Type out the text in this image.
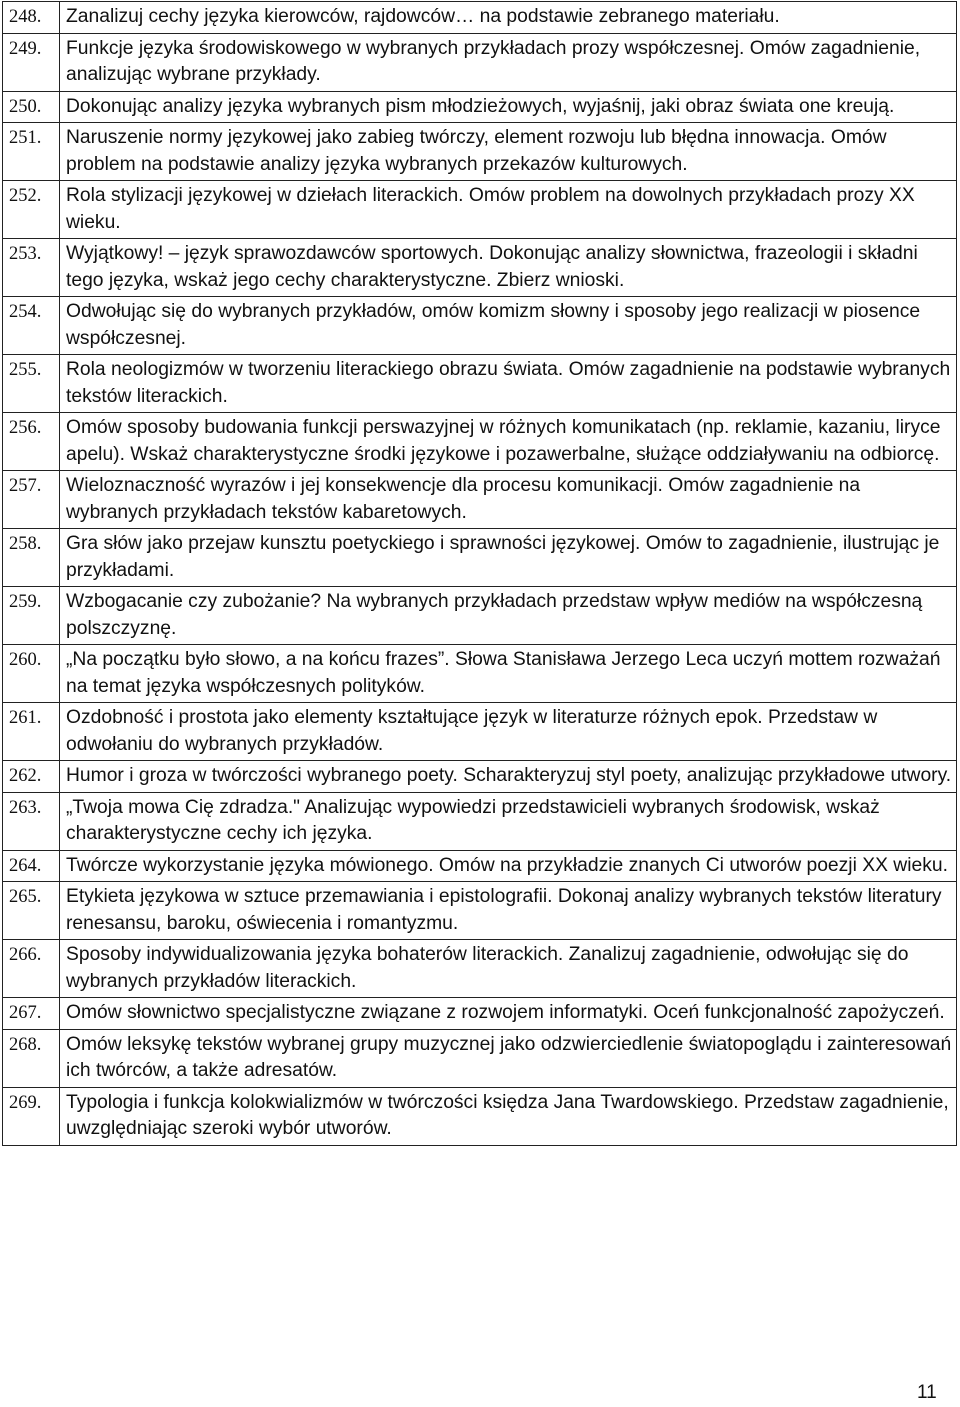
248.	Zanalizuj cechy języka kierowców, rajdowców… na podstawie zebranego materiału.
249.	Funkcje języka środowiskowego w wybranych przykładach prozy współczesnej. Omów zagadnienie, analizując wybrane przykłady.
250.	Dokonując analizy języka wybranych pism młodzieżowych, wyjaśnij, jaki obraz świata one kreują.
251.	Naruszenie normy językowej jako zabieg twórczy, element rozwoju lub błędna innowacja. Omów problem na podstawie analizy języka wybranych przekazów kulturowych.
252.	Rola stylizacji językowej w dziełach literackich. Omów problem na dowolnych przykładach prozy XX wieku.
253.	Wyjątkowy! – język sprawozdawców sportowych. Dokonując analizy słownictwa, frazeologii i składni tego języka, wskaż jego cechy charakterystyczne. Zbierz wnioski.
254.	Odwołując się do wybranych przykładów, omów komizm słowny i sposoby jego realizacji w piosence współczesnej.
255.	Rola neologizmów w tworzeniu literackiego obrazu świata. Omów zagadnienie na podstawie wybranych tekstów literackich.
256.	Omów sposoby budowania funkcji perswazyjnej w różnych komunikatach (np. reklamie, kazaniu, liryce apelu). Wskaż charakterystyczne środki językowe i pozawerbalne, służące oddziaływaniu na odbiorcę.
257.	Wieloznaczność wyrazów i jej konsekwencje dla procesu komunikacji. Omów zagadnienie na wybranych przykładach tekstów kabaretowych.
258.	Gra słów jako przejaw kunsztu poetyckiego i sprawności językowej. Omów to zagadnienie, ilustrując je przykładami.
259.	Wzbogacanie czy zubożanie? Na wybranych przykładach przedstaw wpływ mediów na współczesną polszczyznę.
260.	„Na początku było słowo, a na końcu frazes”. Słowa Stanisława Jerzego Leca uczyń mottem rozważań na temat języka współczesnych polityków.
261.	Ozdobność i prostota jako elementy kształtujące język w literaturze różnych epok. Przedstaw w odwołaniu do wybranych przykładów.
262.	Humor i groza w twórczości wybranego poety. Scharakteryzuj styl poety, analizując przykładowe utwory.
263.	„Twoja mowa Cię zdradza." Analizując wypowiedzi przedstawicieli wybranych środowisk, wskaż charakterystyczne cechy ich języka.
264.	Twórcze wykorzystanie języka mówionego. Omów na przykładzie znanych Ci utworów poezji XX wieku.
265.	Etykieta językowa w sztuce przemawiania i epistolografii. Dokonaj analizy wybranych tekstów literatury renesansu, baroku, oświecenia i romantyzmu.
266.	Sposoby indywidualizowania języka bohaterów literackich. Zanalizuj zagadnienie, odwołując się do wybranych przykładów literackich.
267.	Omów słownictwo specjalistyczne związane z rozwojem informatyki. Oceń funkcjonalność zapożyczeń.
268.	Omów leksykę tekstów wybranej grupy muzycznej jako odzwierciedlenie światopoglądu i zainteresowań ich twórców, a także adresatów.
269.	Typologia i funkcja kolokwializmów w twórczości księdza Jana Twardowskiego. Przedstaw zagadnienie, uwzględniając szeroki wybór utworów.
11
